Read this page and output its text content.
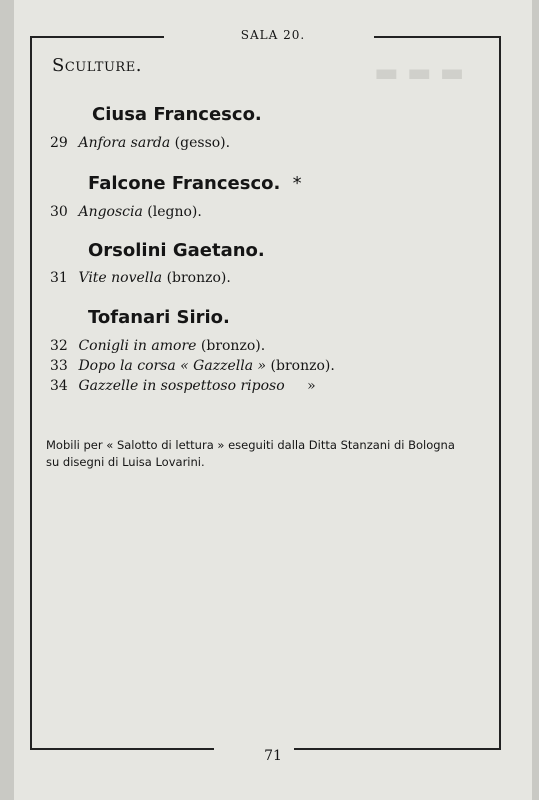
▬ ▬ ▬
SALA 20.
Sculture.
Ciusa Francesco.
29 Anfora sarda (gesso).
Falcone Francesco. *
30 Angoscia (legno).
Orsolini Gaetano.
31 Vite novella (bronzo).
Tofanari Sirio.
32 Conigli in amore (bronzo).
33 Dopo la corsa « Gazzella » (bronzo).
34 Gazzelle in sospettoso riposo »
Mobili per « Salotto di lettura » eseguiti dalla Ditta Stanzani di Bologna su disegni di Luisa Lovarini.
71
